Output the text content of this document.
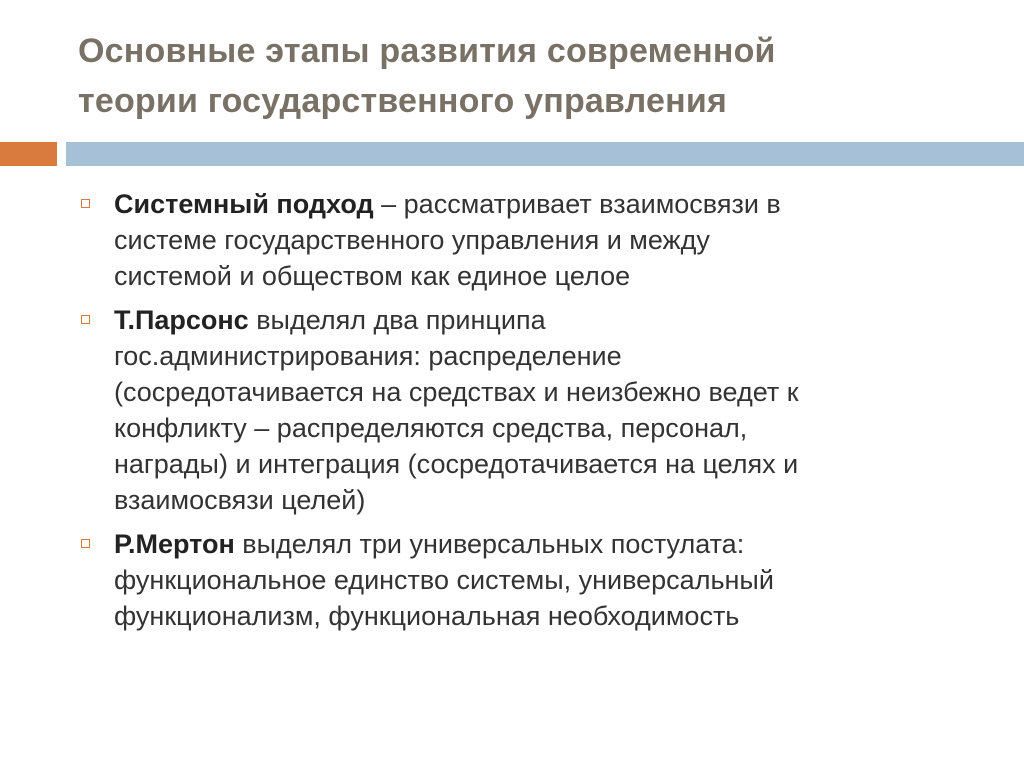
Основные этапы развития современной
теории государственного управления
Системный подход – рассматривает взаимосвязи в
системе государственного управления и между
системой и обществом как единое целое
Т.Парсонс выделял два принципа
гос.администрирования: распределение
(сосредотачивается на средствах и неизбежно ведет к
конфликту – распределяются средства, персонал,
награды) и интеграция (сосредотачивается на целях и
взаимосвязи целей)
Р.Мертон выделял три универсальных постулата:
функциональное единство системы, универсальный
функционализм, функциональная необходимость
